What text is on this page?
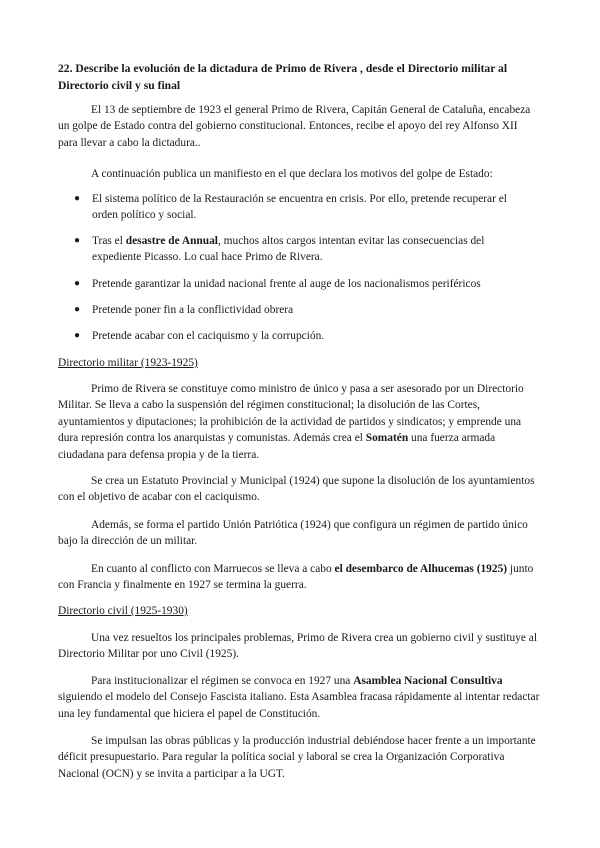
22. Describe la evolución de la dictadura de Primo de Rivera , desde el Directorio militar al Directorio civil y su final

El 13 de septiembre de 1923 el general Primo de Rivera, Capitán General de Cataluña, encabeza un golpe de Estado contra del gobierno constitucional. Entonces, recibe el apoyo del rey Alfonso XII para llevar a cabo la dictadura..

A continuación publica un manifiesto en el que declara los motivos del golpe de Estado:

●	El sistema político de la Restauración se encuentra en crisis. Por ello, pretende recuperar el orden político y social.
●	Tras el desastre de Annual, muchos altos cargos intentan evitar las consecuencias del expediente Picasso. Lo cual hace Primo de Rivera.
●	Pretende garantizar la unidad nacional frente al auge de los nacionalismos periféricos
●	Pretende poner fin a la conflictividad obrera
●	Pretende acabar con el caciquismo y la corrupción.
Directorio militar (1923-1925)

Primo de Rivera se constituye como ministro de único y pasa a ser asesorado por un Directorio Militar. Se lleva a cabo la suspensión del régimen constitucional; la disolución de las Cortes, ayuntamientos y diputaciones; la prohibición de la actividad de partidos y sindicatos; y emprende una dura represión contra los anarquistas y comunistas. Además crea el Somatén una fuerza armada ciudadana para defensa propia y de la tierra.

Se crea un Estatuto Provincial y Municipal (1924) que supone la disolución de los ayuntamientos con el objetivo de acabar con el caciquismo.

Además, se forma el partido Unión Patriótica (1924) que configura un régimen de partido único bajo la dirección de un militar.

En cuanto al conflicto con Marruecos se lleva a cabo el desembarco de Alhucemas (1925) junto con Francia y finalmente en 1927 se termina la guerra.

Directorio civil (1925-1930)

Una vez resueltos los principales problemas, Primo de Rivera crea un gobierno civil y sustituye al Directorio Militar por uno Civil (1925).

Para institucionalizar el régimen se convoca en 1927 una Asamblea Nacional Consultiva siguiendo el modelo del Consejo Fascista italiano. Esta Asamblea fracasa rápidamente al intentar redactar una ley fundamental que hiciera el papel de Constitución.

Se impulsan las obras públicas y la producción industrial debiéndose hacer frente a un importante déficit presupuestario. Para regular la política social y laboral se crea la Organización Corporativa Nacional (OCN) y se invita a participar a la UGT.
